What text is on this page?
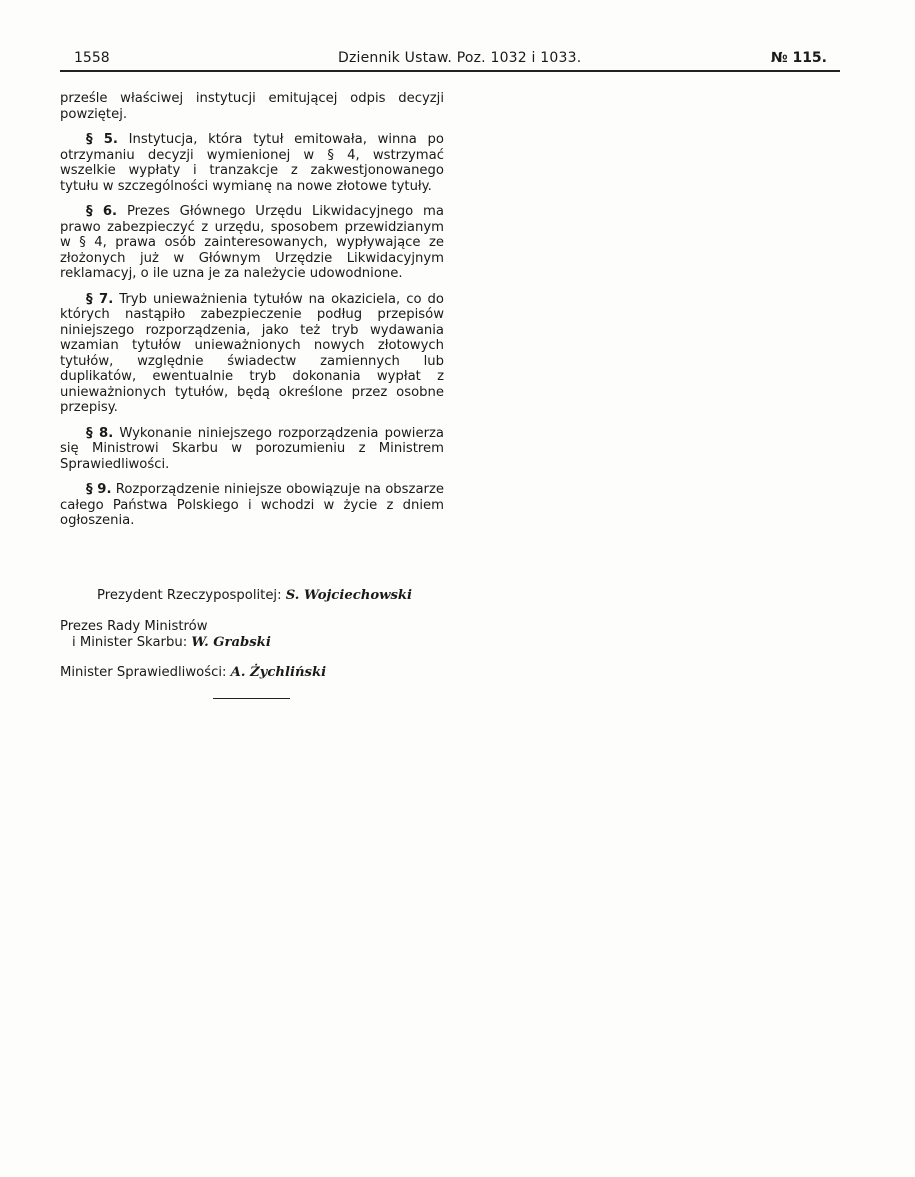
1558	Dziennik Ustaw. Poz. 1032 i 1033.	№ 115.

prześle właściwej instytucji emitującej odpis decyzji powziętej.

§ 5. Instytucja, która tytuł emitowała, winna po otrzymaniu decyzji wymienionej w § 4, wstrzymać wszelkie wypłaty i tranzakcje z zakwestjonowanego tytułu w szczególności wymianę na nowe złotowe tytuły.

§ 6. Prezes Głównego Urzędu Likwidacyjnego ma prawo zabezpieczyć z urzędu, sposobem przewidzianym w § 4, prawa osób zainteresowanych, wypływające ze złożonych już w Głównym Urzędzie Likwidacyjnym reklamacyj, o ile uzna je za należycie udowodnione.

§ 7. Tryb unieważnienia tytułów na okaziciela, co do których nastąpiło zabezpieczenie podług przepisów niniejszego rozporządzenia, jako też tryb wydawania wzamian tytułów unieważnionych nowych złotowych tytułów, względnie świadectw zamiennych lub duplikatów, ewentualnie tryb dokonania wypłat z unieważnionych tytułów, będą określone przez osobne przepisy.

§ 8. Wykonanie niniejszego rozporządzenia powierza się Ministrowi Skarbu w porozumieniu z Ministrem Sprawiedliwości.

§ 9. Rozporządzenie niniejsze obowiązuje na obszarze całego Państwa Polskiego i wchodzi w życie z dniem ogłoszenia.

Prezydent Rzeczypospolitej: S. Wojciechowski
Prezes Rady Ministrów
i Minister Skarbu: W. Grabski
Minister Sprawiedliwości: A. Żychliński
